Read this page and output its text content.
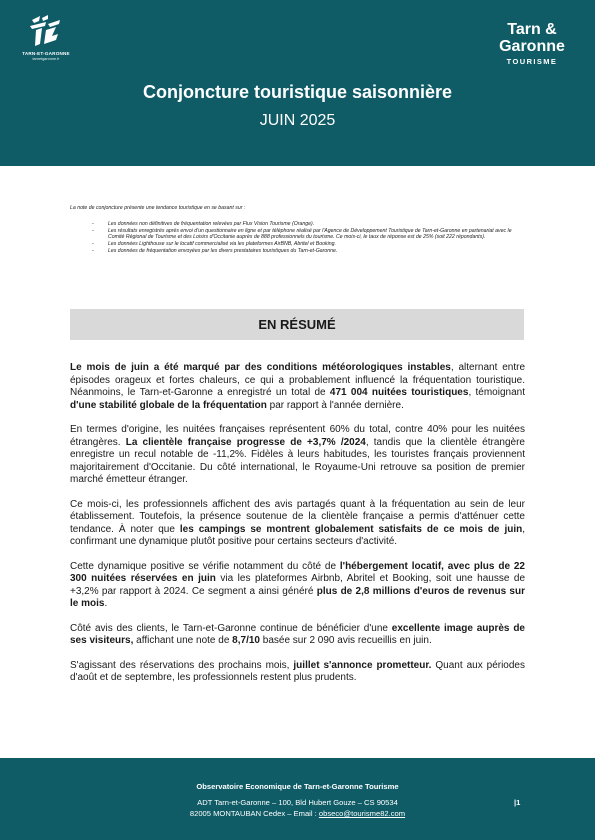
TARN-ET-GARONNE
tarnetgaronne.fr
Tarn &
Garonne
TOURISME
Conjoncture touristique saisonnière
JUIN 2025
La note de conjoncture présente une tendance touristique en se basant sur :
- Les données non définitives de fréquentation relevées par Flux Vision Tourisme (Orange).
- Les résultats enregistrés après envoi d'un questionnaire en ligne et par téléphone réalisé par l'Agence de Développement Touristique de Tarn-et-Garonne en partenariat avec le Comité Régional de Tourisme et des Loisirs d'Occitanie auprès de 888 professionnels du tourisme. Ce mois-ci, le taux de réponse est de 25% (soit 222 répondants).
- Les données Lighthouse sur le locatif commercialisé via les plateformes AirBNB, Abritel et Booking.
- Les données de fréquentation envoyées par les divers prestataires touristiques du Tarn-et-Garonne.
EN RÉSUMÉ

Le mois de juin a été marqué par des conditions météorologiques instables, alternant entre épisodes orageux et fortes chaleurs, ce qui a probablement influencé la fréquentation touristique. Néanmoins, le Tarn-et-Garonne a enregistré un total de 471 004 nuitées touristiques, témoignant d'une stabilité globale de la fréquentation par rapport à l'année dernière.

En termes d'origine, les nuitées françaises représentent 60% du total, contre 40% pour les nuitées étrangères. La clientèle française progresse de +3,7% /2024, tandis que la clientèle étrangère enregistre un recul notable de -11,2%. Fidèles à leurs habitudes, les touristes français proviennent majoritairement d'Occitanie. Du côté international, le Royaume-Uni retrouve sa position de premier marché émetteur étranger.

Ce mois-ci, les professionnels affichent des avis partagés quant à la fréquentation au sein de leur établissement. Toutefois, la présence soutenue de la clientèle française a permis d'atténuer cette tendance. À noter que les campings se montrent globalement satisfaits de ce mois de juin, confirmant une dynamique plutôt positive pour certains secteurs d'activité.

Cette dynamique positive se vérifie notamment du côté de l'hébergement locatif, avec plus de 22 300 nuitées réservées en juin via les plateformes Airbnb, Abritel et Booking, soit une hausse de +3,2% par rapport à 2024. Ce segment a ainsi généré plus de 2,8 millions d'euros de revenus sur le mois.

Côté avis des clients, le Tarn-et-Garonne continue de bénéficier d'une excellente image auprès de ses visiteurs, affichant une note de 8,7/10 basée sur 2 090 avis recueillis en juin.

S'agissant des réservations des prochains mois, juillet s'annonce prometteur. Quant aux périodes d'août et de septembre, les professionnels restent plus prudents.

Observatoire Economique de Tarn-et-Garonne Tourisme
ADT Tarn-et-Garonne – 100, Bld Hubert Gouze – CS 90534
82005 MONTAUBAN Cedex – Email : obseco@tourisme82.com
|1
